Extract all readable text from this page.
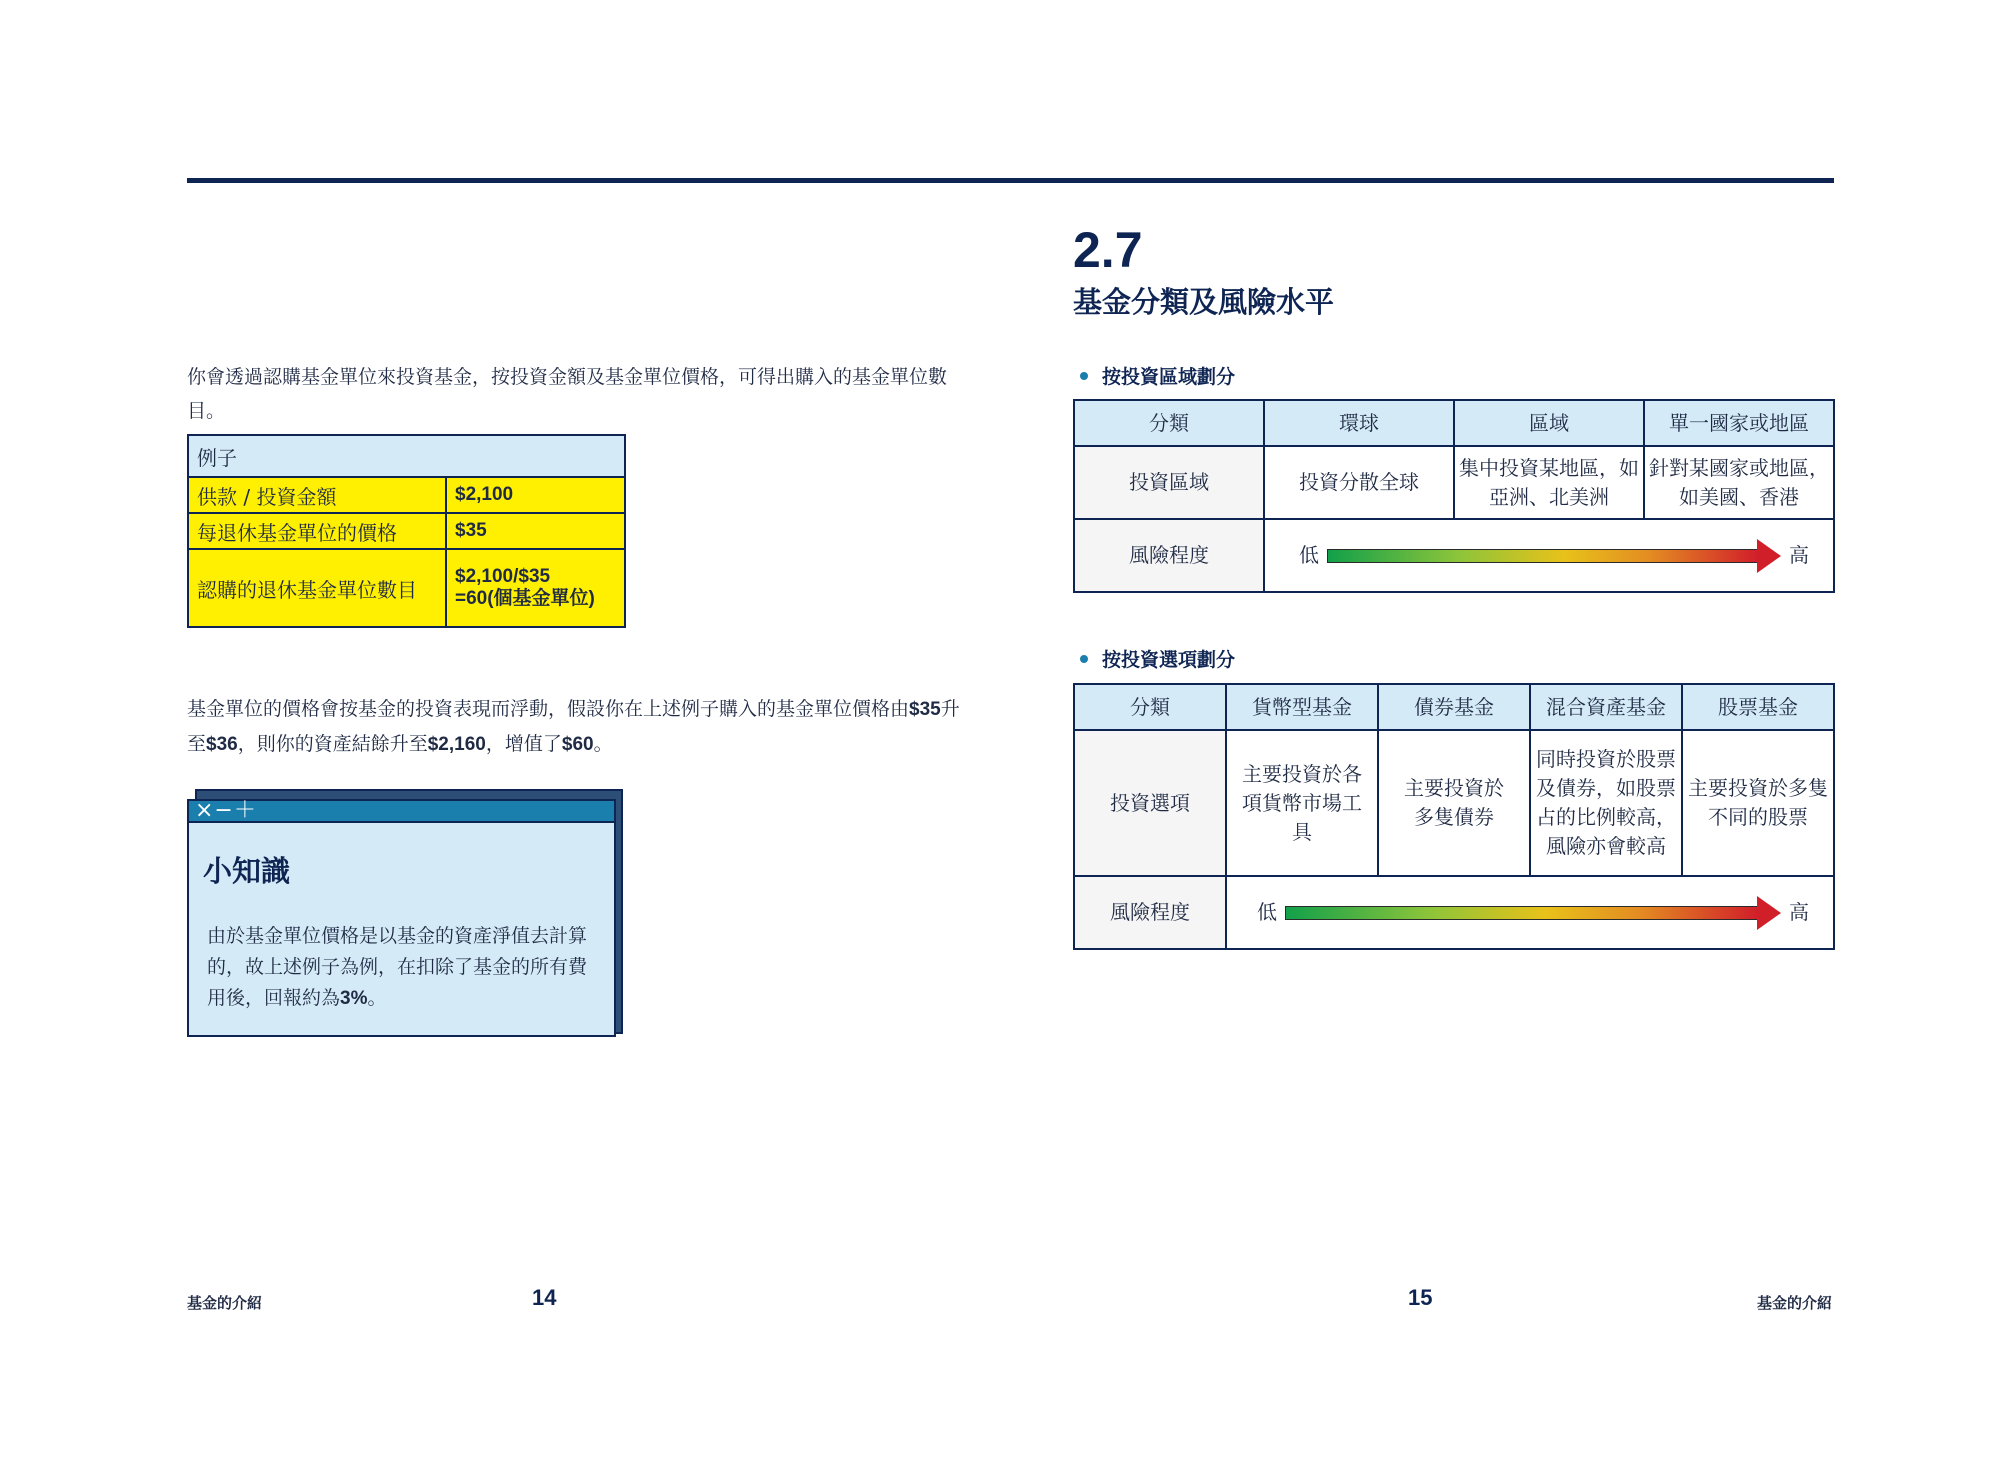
你會透過認購基金單位來投資基金，按投資金額及基金單位價格，可得出購入的基金單位數目。

例子	
供款 / 投資金額	$2,100
每退休基金單位的價格	$35
認購的退休基金單位數目	$2,100/$35
=60(個基金單位)

基金單位的價格會按基金的投資表現而浮動，假設你在上述例子購入的基金單位價格由$35升至$36，則你的資產結餘升至$2,160，增值了$60。

×−＋
小知識

由於基金單位價格是以基金的資產淨值去計算的，故上述例子為例，在扣除了基金的所有費用後，回報約為3%。

基金的介紹	14
2.7
基金分類及風險水平
按投資區域劃分
分類	環球	區域	單一國家或地區
投資區域	投資分散全球	集中投資某地區，如亞洲、北美洲	針對某國家或地區，如美國、香港
風險程度	低 高		
按投資選項劃分
分類	貨幣型基金	債券基金	混合資產基金	股票基金
投資選項	主要投資於各項貨幣市場工具	主要投資於多隻債券	同時投資於股票及債券，如股票占的比例較高，風險亦會較高	主要投資於多隻不同的股票
風險程度	低 高			
15	基金的介紹
